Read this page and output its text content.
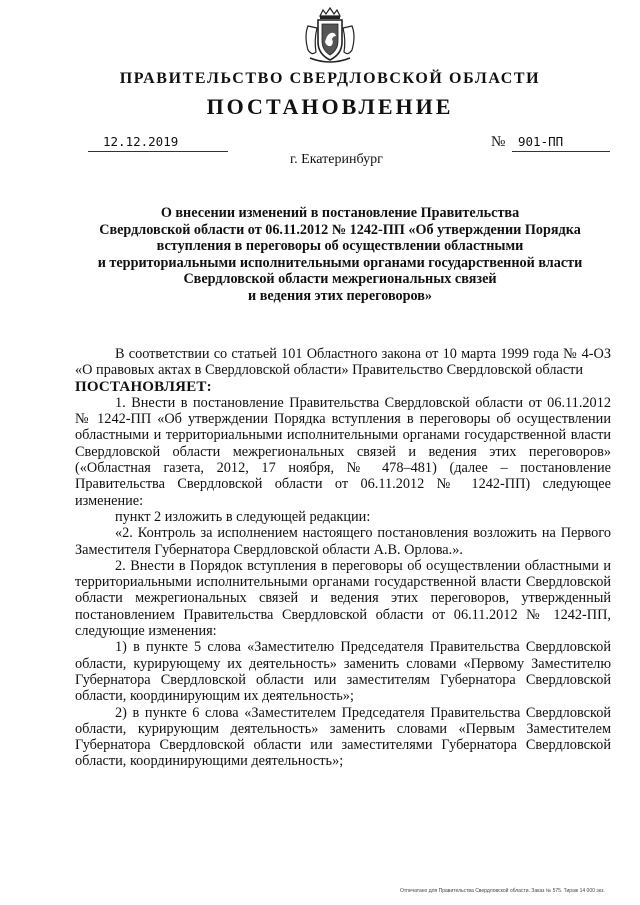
ПРАВИТЕЛЬСТВО СВЕРДЛОВСКОЙ ОБЛАСТИ
ПОСТАНОВЛЕНИЕ
12.12.2019	№ 901-ПП
г. Екатеринбург
О внесении изменений в постановление Правительства
Свердловской области от 06.11.2012 № 1242-ПП «Об утверждении Порядка
вступления в переговоры об осуществлении областными
и территориальными исполнительными органами государственной власти
Свердловской области межрегиональных связей
и ведения этих переговоров»

В соответствии со статьей 101 Областного закона от 10 марта 1999 года № 4-ОЗ «О правовых актах в Свердловской области» Правительство Свердловской области

ПОСТАНОВЛЯЕТ:

1. Внести в постановление Правительства Свердловской области от 06.11.2012 № 1242-ПП «Об утверждении Порядка вступления в переговоры об осуществлении областными и территориальными исполнительными органами государственной власти Свердловской области межрегиональных связей и ведения этих переговоров» («Областная газета, 2012, 17 ноября, № 478–481) (далее – постановление Правительства Свердловской области от 06.11.2012 № 1242-ПП) следующее изменение:

пункт 2 изложить в следующей редакции:

«2. Контроль за исполнением настоящего постановления возложить на Первого Заместителя Губернатора Свердловской области А.В. Орлова.».

2. Внести в Порядок вступления в переговоры об осуществлении областными и территориальными исполнительными органами государственной власти Свердловской области межрегиональных связей и ведения этих переговоров, утвержденный постановлением Правительства Свердловской области от 06.11.2012 № 1242-ПП, следующие изменения:

1) в пункте 5 слова «Заместителю Председателя Правительства Свердловской области, курирующему их деятельность» заменить словами «Первому Заместителю Губернатора Свердловской области или заместителям Губернатора Свердловской области, координирующим их деятельность»;

2) в пункте 6 слова «Заместителем Председателя Правительства Свердловской области, курирующим деятельность» заменить словами «Первым Заместителем Губернатора Свердловской области или заместителями Губернатора Свердловской области, координирующими деятельность»;

Отпечатано для Правительства Свердловской области. Заказ № 575. Тираж 14 000 экз.
